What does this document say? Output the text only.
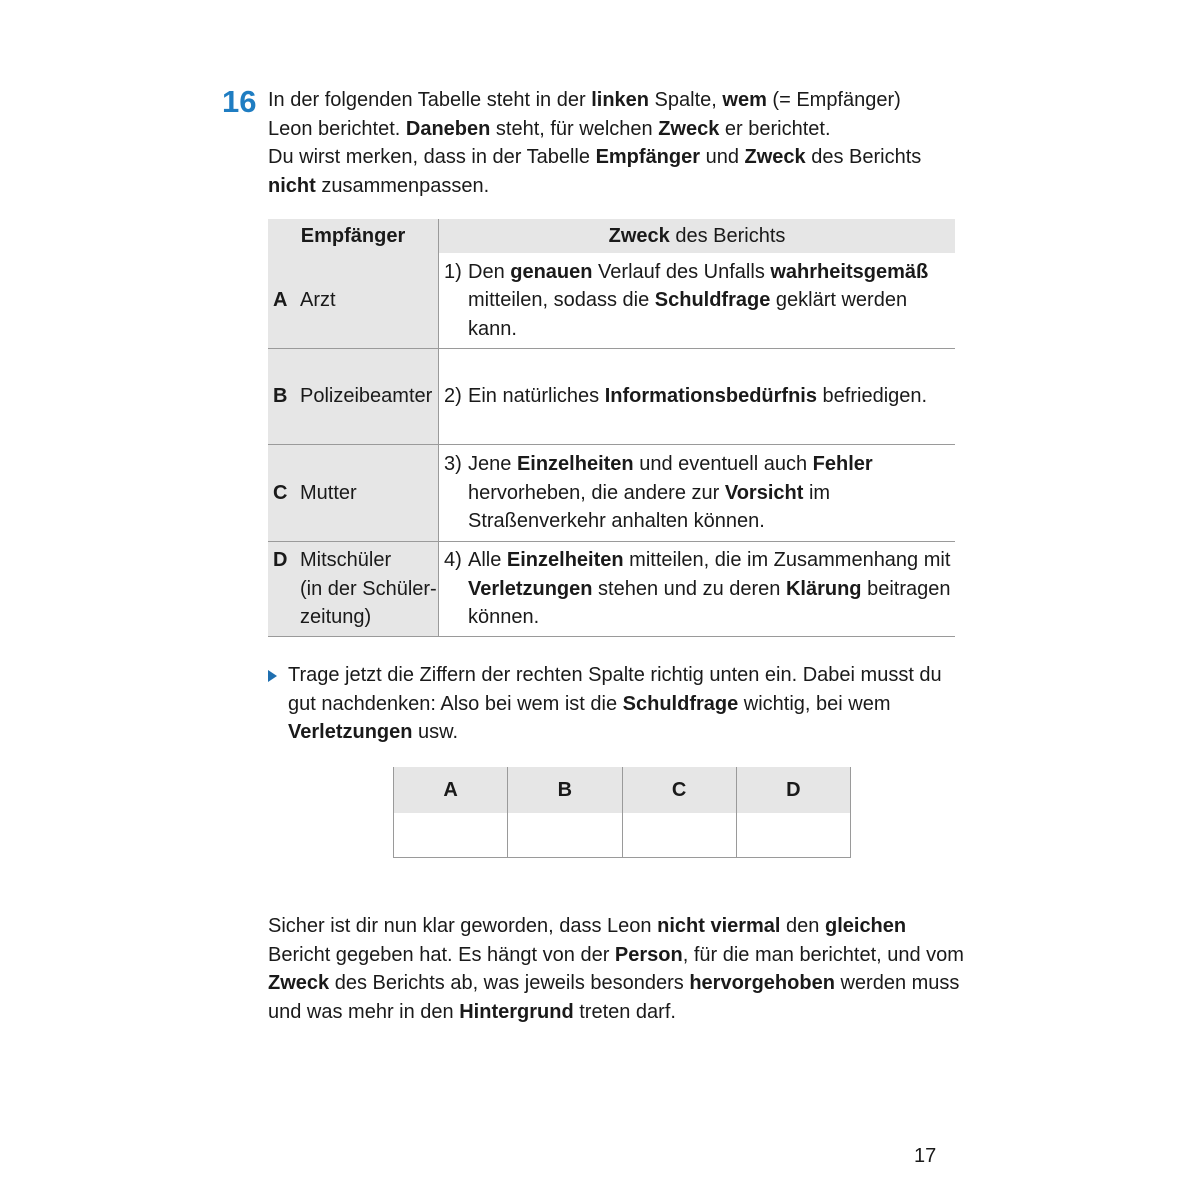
16 In der folgenden Tabelle steht in der linken Spalte, wem (= Empfänger)

Leon berichtet. Daneben steht, für welchen Zweck er berichtet.

Du wirst merken, dass in der Tabelle Empfänger und Zweck des Berichts

nicht zusammenpassen.

Empfänger	Zweck des Berichts

A Arzt	1) Den genauen Verlauf des Unfalls wahrheitsgemäß mitteilen, sodass die Schuldfrage geklärt werden kann.

B Polizeibeamter	2) Ein natürliches Informationsbedürfnis befriedigen.

C Mutter	3) Jene Einzelheiten und eventuell auch Fehler hervorheben, die andere zur Vorsicht im Straßenverkehr anhalten können.

D Mitschüler
(in der Schüler-
zeitung)	4) Alle Einzelheiten mitteilen, die im Zusammenhang mit Verletzungen stehen und zu deren Klärung beitragen können.
Trage jetzt die Ziffern der rechten Spalte richtig unten ein. Dabei musst du gut nachdenken: Also bei wem ist die Schuldfrage wichtig, bei wem Verletzungen usw.
A	B	C	D

Sicher ist dir nun klar geworden, dass Leon nicht viermal den gleichen Bericht gegeben hat. Es hängt von der Person, für die man berichtet, und vom Zweck des Berichts ab, was jeweils besonders hervorgehoben werden muss und was mehr in den Hintergrund treten darf.
17
